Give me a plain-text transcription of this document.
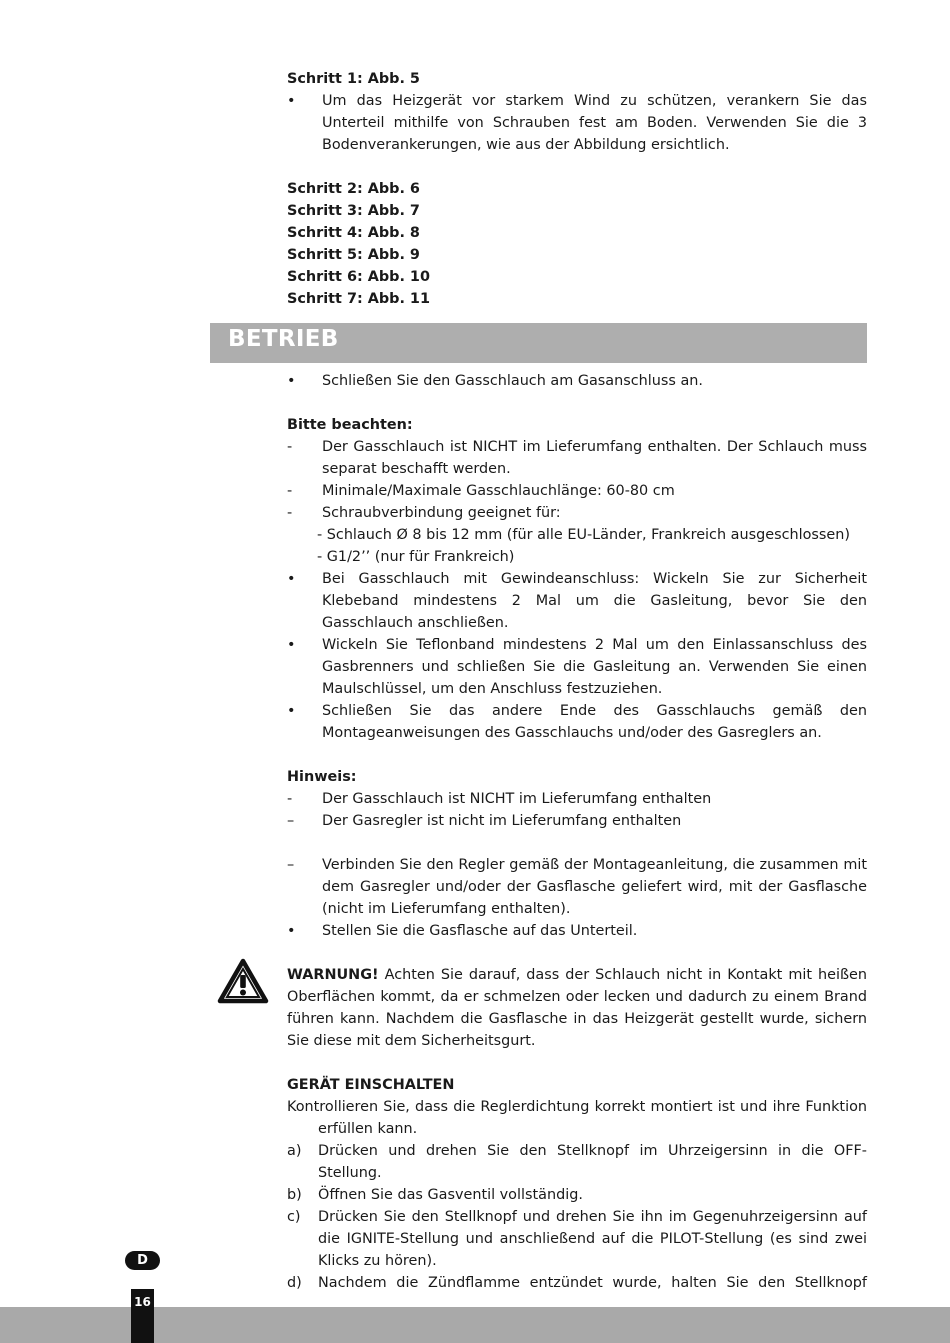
Schritt 1: Abb. 5
• Um das Heizgerät vor starkem Wind zu schützen, verankern Sie das Unterteil mithilfe von Schrauben fest am Boden. Verwenden Sie die 3 Bodenverankerungen, wie aus der Abbildung ersichtlich.
Schritt 2: Abb. 6
Schritt 3: Abb. 7
Schritt 4: Abb. 8
Schritt 5: Abb. 9
Schritt 6: Abb. 10
Schritt 7: Abb. 11
BETRIEB
• Schließen Sie den Gasschlauch am Gasanschluss an.
Bitte beachten:
- Der Gasschlauch ist NICHT im Lieferumfang enthalten. Der Schlauch muss separat beschafft werden.
- Minimale/Maximale Gasschlauchlänge: 60-80 cm
- Schraubverbindung geeignet für:
- Schlauch Ø 8 bis 12 mm (für alle EU-Länder, Frankreich ausgeschlossen)
- G1/2’’ (nur für Frankreich)
• Bei Gasschlauch mit Gewindeanschluss: Wickeln Sie zur Sicherheit Klebeband mindestens 2 Mal um die Gasleitung, bevor Sie den Gasschlauch anschließen.
• Wickeln Sie Teflonband mindestens 2 Mal um den Einlassanschluss des Gasbrenners und schließen Sie die Gasleitung an. Verwenden Sie einen Maulschlüssel, um den Anschluss festzuziehen.
• Schließen Sie das andere Ende des Gasschlauchs gemäß den Montageanweisungen des Gasschlauchs und/oder des Gasreglers an.
Hinweis:
- Der Gasschlauch ist NICHT im Lieferumfang enthalten
– Der Gasregler ist nicht im Lieferumfang enthalten
– Verbinden Sie den Regler gemäß der Montageanleitung, die zusammen mit dem Gasregler und/oder der Gasflasche geliefert wird, mit der Gasflasche (nicht im Lieferumfang enthalten).
• Stellen Sie die Gasflasche auf das Unterteil.
WARNUNG! Achten Sie darauf, dass der Schlauch nicht in Kontakt mit heißen Oberflächen kommt, da er schmelzen oder lecken und dadurch zu einem Brand führen kann. Nachdem die Gasflasche in das Heizgerät gestellt wurde, sichern Sie diese mit dem Sicherheitsgurt.
GERÄT EINSCHALTEN
Kontrollieren Sie, dass die Reglerdichtung korrekt montiert ist und ihre Funktion erfüllen kann.
a) Drücken und drehen Sie den Stellknopf im Uhrzeigersinn in die OFF-Stellung.
b) Öffnen Sie das Gasventil vollständig.
c) Drücken Sie den Stellknopf und drehen Sie ihn im Gegenuhrzeigersinn auf die IGNITE-Stellung und anschließend auf die PILOT-Stellung (es sind zwei Klicks zu hören).
d) Nachdem die Zündflamme entzündet wurde, halten Sie den Stellknopf
D
16
